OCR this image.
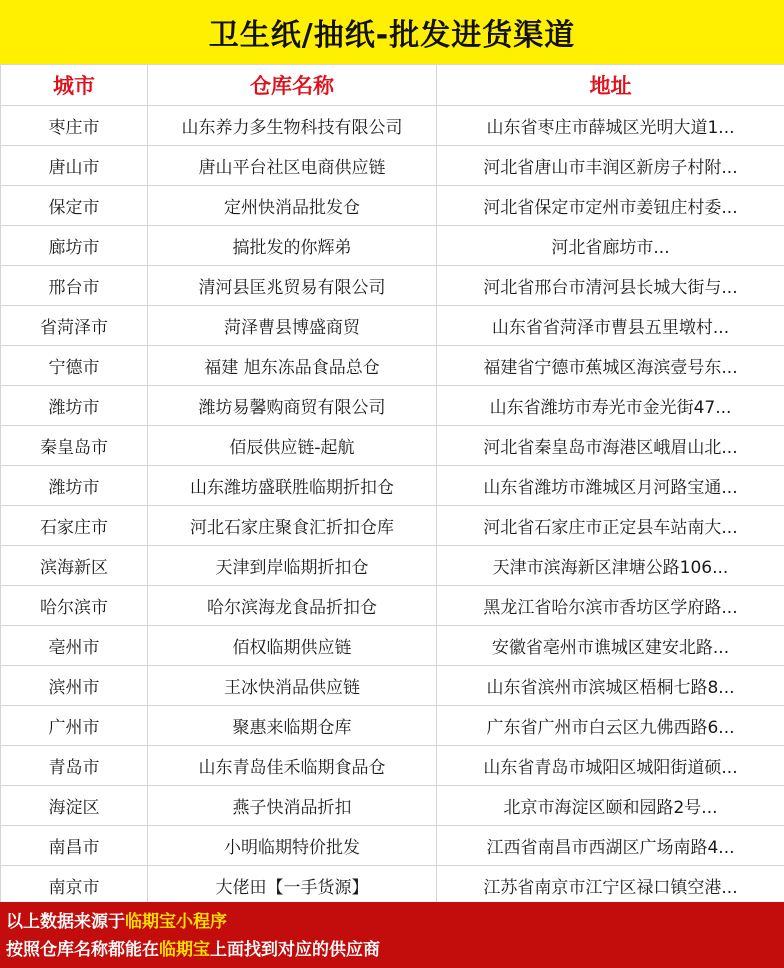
卫生纸/抽纸-批发进货渠道
城市	仓库名称	地址
枣庄市	山东养力多生物科技有限公司	山东省枣庄市薛城区光明大道1...
唐山市	唐山平台社区电商供应链	河北省唐山市丰润区新房子村附...
保定市	定州快消品批发仓	河北省保定市定州市姜钮庄村委...
廊坊市	搞批发的你辉弟	河北省廊坊市...
邢台市	清河县匡兆贸易有限公司	河北省邢台市清河县长城大街与...
省菏泽市	菏泽曹县博盛商贸	山东省省菏泽市曹县五里墩村...
宁德市	福建 旭东冻品食品总仓	福建省宁德市蕉城区海滨壹号东...
潍坊市	潍坊易馨购商贸有限公司	山东省潍坊市寿光市金光街47...
秦皇岛市	佰辰供应链-起航	河北省秦皇岛市海港区峨眉山北...
潍坊市	山东潍坊盛联胜临期折扣仓	山东省潍坊市潍城区月河路宝通...
石家庄市	河北石家庄聚食汇折扣仓库	河北省石家庄市正定县车站南大...
滨海新区	天津到岸临期折扣仓	天津市滨海新区津塘公路106...
哈尔滨市	哈尔滨海龙食品折扣仓	黑龙江省哈尔滨市香坊区学府路...
亳州市	佰权临期供应链	安徽省亳州市谯城区建安北路...
滨州市	王冰快消品供应链	山东省滨州市滨城区梧桐七路8...
广州市	聚惠来临期仓库	广东省广州市白云区九佛西路6...
青岛市	山东青岛佳禾临期食品仓	山东省青岛市城阳区城阳街道硕...
海淀区	燕子快消品折扣	北京市海淀区颐和园路2号...
南昌市	小明临期特价批发	江西省南昌市西湖区广场南路4...
南京市	大佬田【一手货源】	江苏省南京市江宁区禄口镇空港...
以上数据来源于临期宝小程序
按照仓库名称都能在临期宝上面找到对应的供应商
